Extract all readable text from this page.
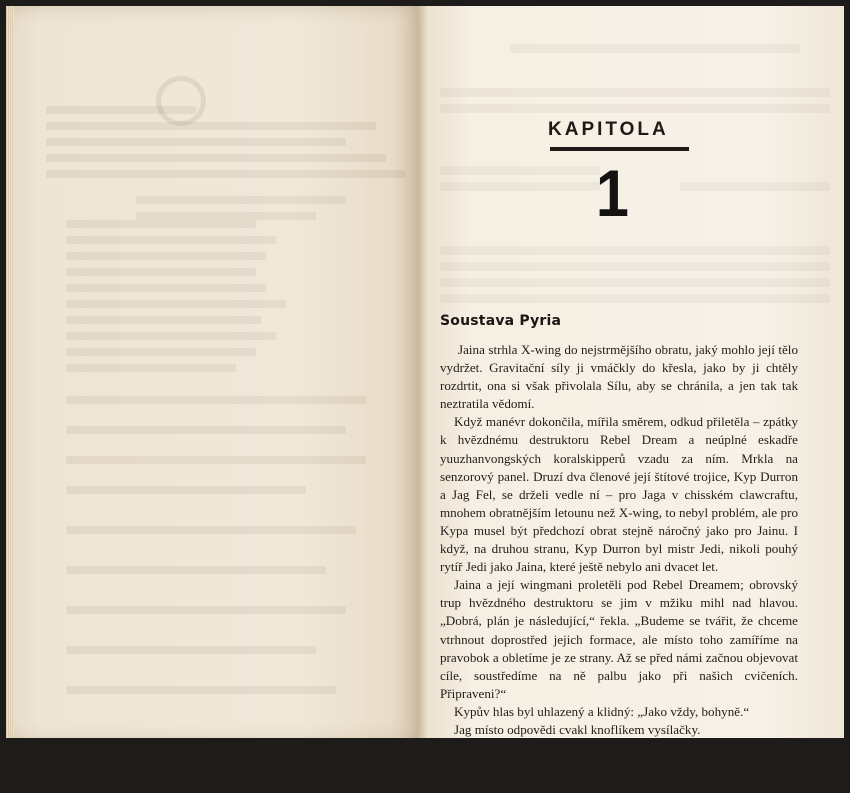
KAPITOLA
1
Soustava Pyria

Jaina strhla X-wing do nejstrmějšího obratu, jaký mohlo její tělo vydržet. Gravitační síly ji vmáčkly do křesla, jako by ji chtěly rozdrtit, ona si však přivolala Sílu, aby se chránila, a jen tak tak neztratila vědomí.

Když manévr dokončila, mířila směrem, odkud přiletěla – zpátky k hvězdnému destruktoru Rebel Dream a neúplné eskadře yuuzhanvongských koralskipperů vzadu za ním. Mrkla na senzorový panel. Druzí dva členové její štítové trojice, Kyp Durron a Jag Fel, se drželi vedle ní – pro Jaga v chisském clawcraftu, mnohem obratnějším letounu než X-wing, to nebyl problém, ale pro Kypa musel být předchozí obrat stejně náročný jako pro Jainu. I když, na druhou stranu, Kyp Durron byl mistr Jedi, nikoli pouhý rytíř Jedi jako Jaina, které ještě nebylo ani dvacet let.

Jaina a její wingmani proletěli pod Rebel Dreamem; obrovský trup hvězdného destruktoru se jim v mžiku mihl nad hlavou. „Dobrá, plán je následující,“ řekla. „Budeme se tvářit, že chceme vtrhnout doprostřed jejich formace, ale místo toho zamíříme na pravobok a obletíme je ze strany. Až se před námi začnou objevovat cíle, soustředíme na ně palbu jako při našich cvičeních. Připraveni?“

Kypův hlas byl uhlazený a klidný: „Jako vždy, bohyně.“

Jag místo odpovědi cvakl knoflíkem vysílačky.

Když se první koralskipper z přilétajícího hejna dostal na dostřel, začal proti nim chrlit proud drobných rudě žhnoucích teček. Každá
